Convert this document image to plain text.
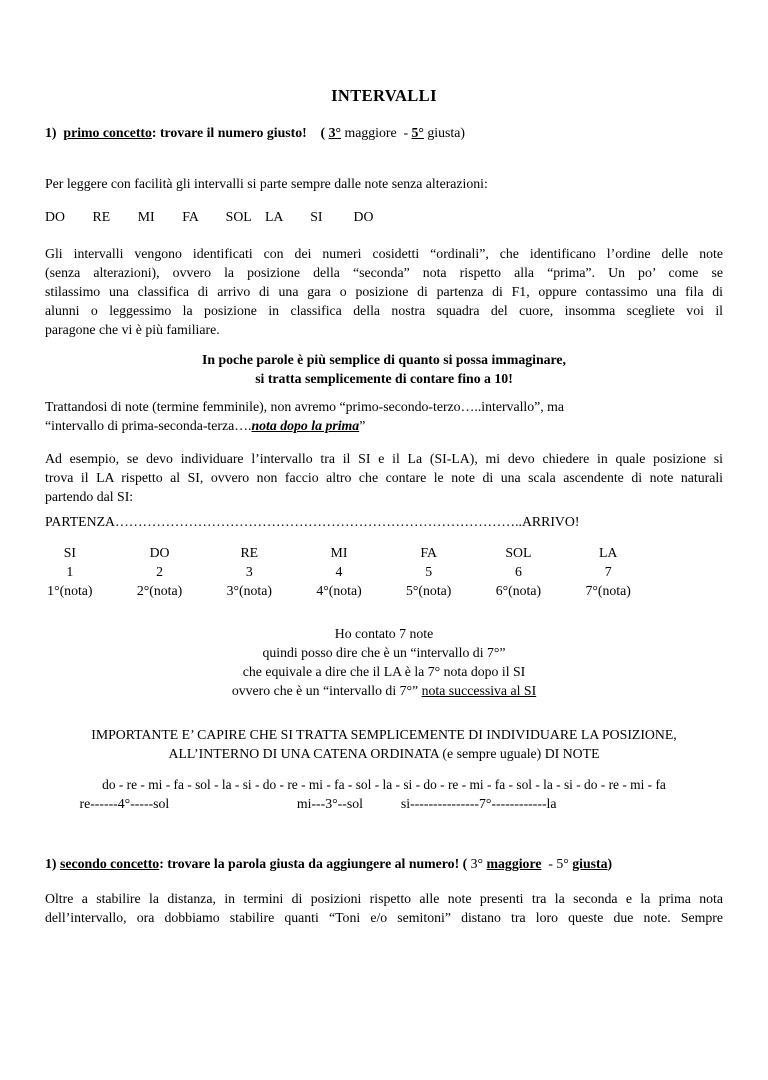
INTERVALLI
1)  primo concetto: trovare il numero giusto!    ( 3° maggiore  - 5° giusta)
Per leggere con facilità gli intervalli si parte sempre dalle note senza alterazioni:
DO        RE        MI        FA        SOL    LA        SI         DO
Gli intervalli vengono identificati con dei numeri cosidetti “ordinali”, che identificano l’ordine delle note
(senza alterazioni), ovvero la posizione della “seconda” nota rispetto alla “prima”. Un po’ come se
stilassimo una classifica di arrivo di una gara o posizione di partenza di F1, oppure contassimo una fila di
alunni o leggessimo la posizione in classifica della nostra squadra del cuore, insomma scegliete voi il
paragone che vi è più familiare.
In poche parole è più semplice di quanto si possa immaginare,
si tratta semplicemente di contare fino a 10!
Trattandosi di note (termine femminile), non avremo “primo-secondo-terzo…..intervallo”, ma
“intervallo di prima-seconda-terza….nota dopo la prima”
Ad esempio, se devo individuare l’intervallo tra il SI e il La (SI-LA), mi devo chiedere in quale posizione si
trova il LA rispetto al SI, ovvero non faccio altro che contare le note di una scala ascendente di note naturali
partendo dal SI:
PARTENZA……………………………………………………………………………..ARRIVO!
SI	DO	RE	MI	FA	SOL	LA
1	2	3	4	5	6	7
1°(nota)	2°(nota)	3°(nota)	4°(nota)	5°(nota)	6°(nota)	7°(nota)
Ho contato 7 note
quindi posso dire che è un “intervallo di 7°”
che equivale a dire che il LA è la 7° nota dopo il SI
ovvero che è un “intervallo di 7°” nota successiva al SI
IMPORTANTE E’ CAPIRE CHE SI TRATTA SEMPLICEMENTE DI INDIVIDUARE LA POSIZIONE,
ALL’INTERNO DI UNA CATENA ORDINATA (e sempre uguale) DI NOTE
do - re - mi - fa - sol - la - si - do - re - mi - fa - sol - la - si - do - re - mi - fa - sol - la - si - do - re - mi - fa
re------4°-----sol                                     mi---3°--sol           si---------------7°------------la
1) secondo concetto: trovare la parola giusta da aggiungere al numero! ( 3° maggiore  - 5° giusta)
Oltre a stabilire la distanza, in termini di posizioni rispetto alle note presenti tra la seconda e la prima nota
dell’intervallo, ora dobbiamo stabilire quanti “Toni e/o semitoni” distano tra loro queste due note. Sempre
